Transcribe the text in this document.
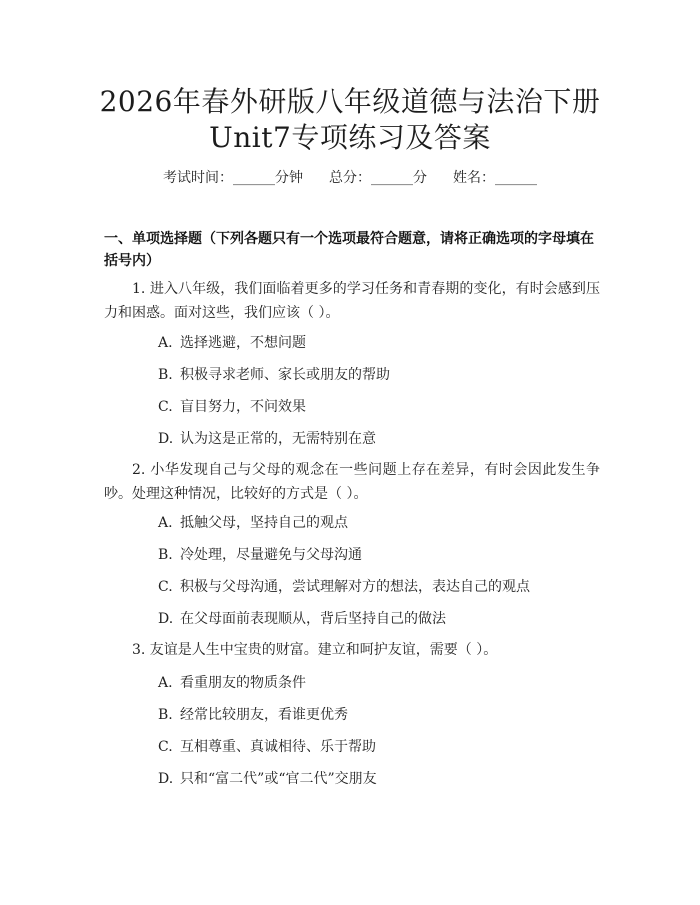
2026年春外研版八年级道德与法治下册
Unit7专项练习及答案
考试时间：______分钟 总分：______分 姓名：______
一、单项选择题（下列各题只有一个选项最符合题意，请将正确选项的字母填在括号内）
1. 进入八年级，我们面临着更多的学习任务和青春期的变化，有时会感到压力和困惑。面对这些，我们应该（ ）。
A. 选择逃避，不想问题
B. 积极寻求老师、家长或朋友的帮助
C. 盲目努力，不问效果
D. 认为这是正常的，无需特别在意
2. 小华发现自己与父母的观念在一些问题上存在差异，有时会因此发生争吵。处理这种情况，比较好的方式是（ ）。
A. 抵触父母，坚持自己的观点
B. 冷处理，尽量避免与父母沟通
C. 积极与父母沟通，尝试理解对方的想法，表达自己的观点
D. 在父母面前表现顺从，背后坚持自己的做法
3. 友谊是人生中宝贵的财富。建立和呵护友谊，需要（ ）。
A. 看重朋友的物质条件
B. 经常比较朋友，看谁更优秀
C. 互相尊重、真诚相待、乐于帮助
D. 只和“富二代”或“官二代”交朋友
